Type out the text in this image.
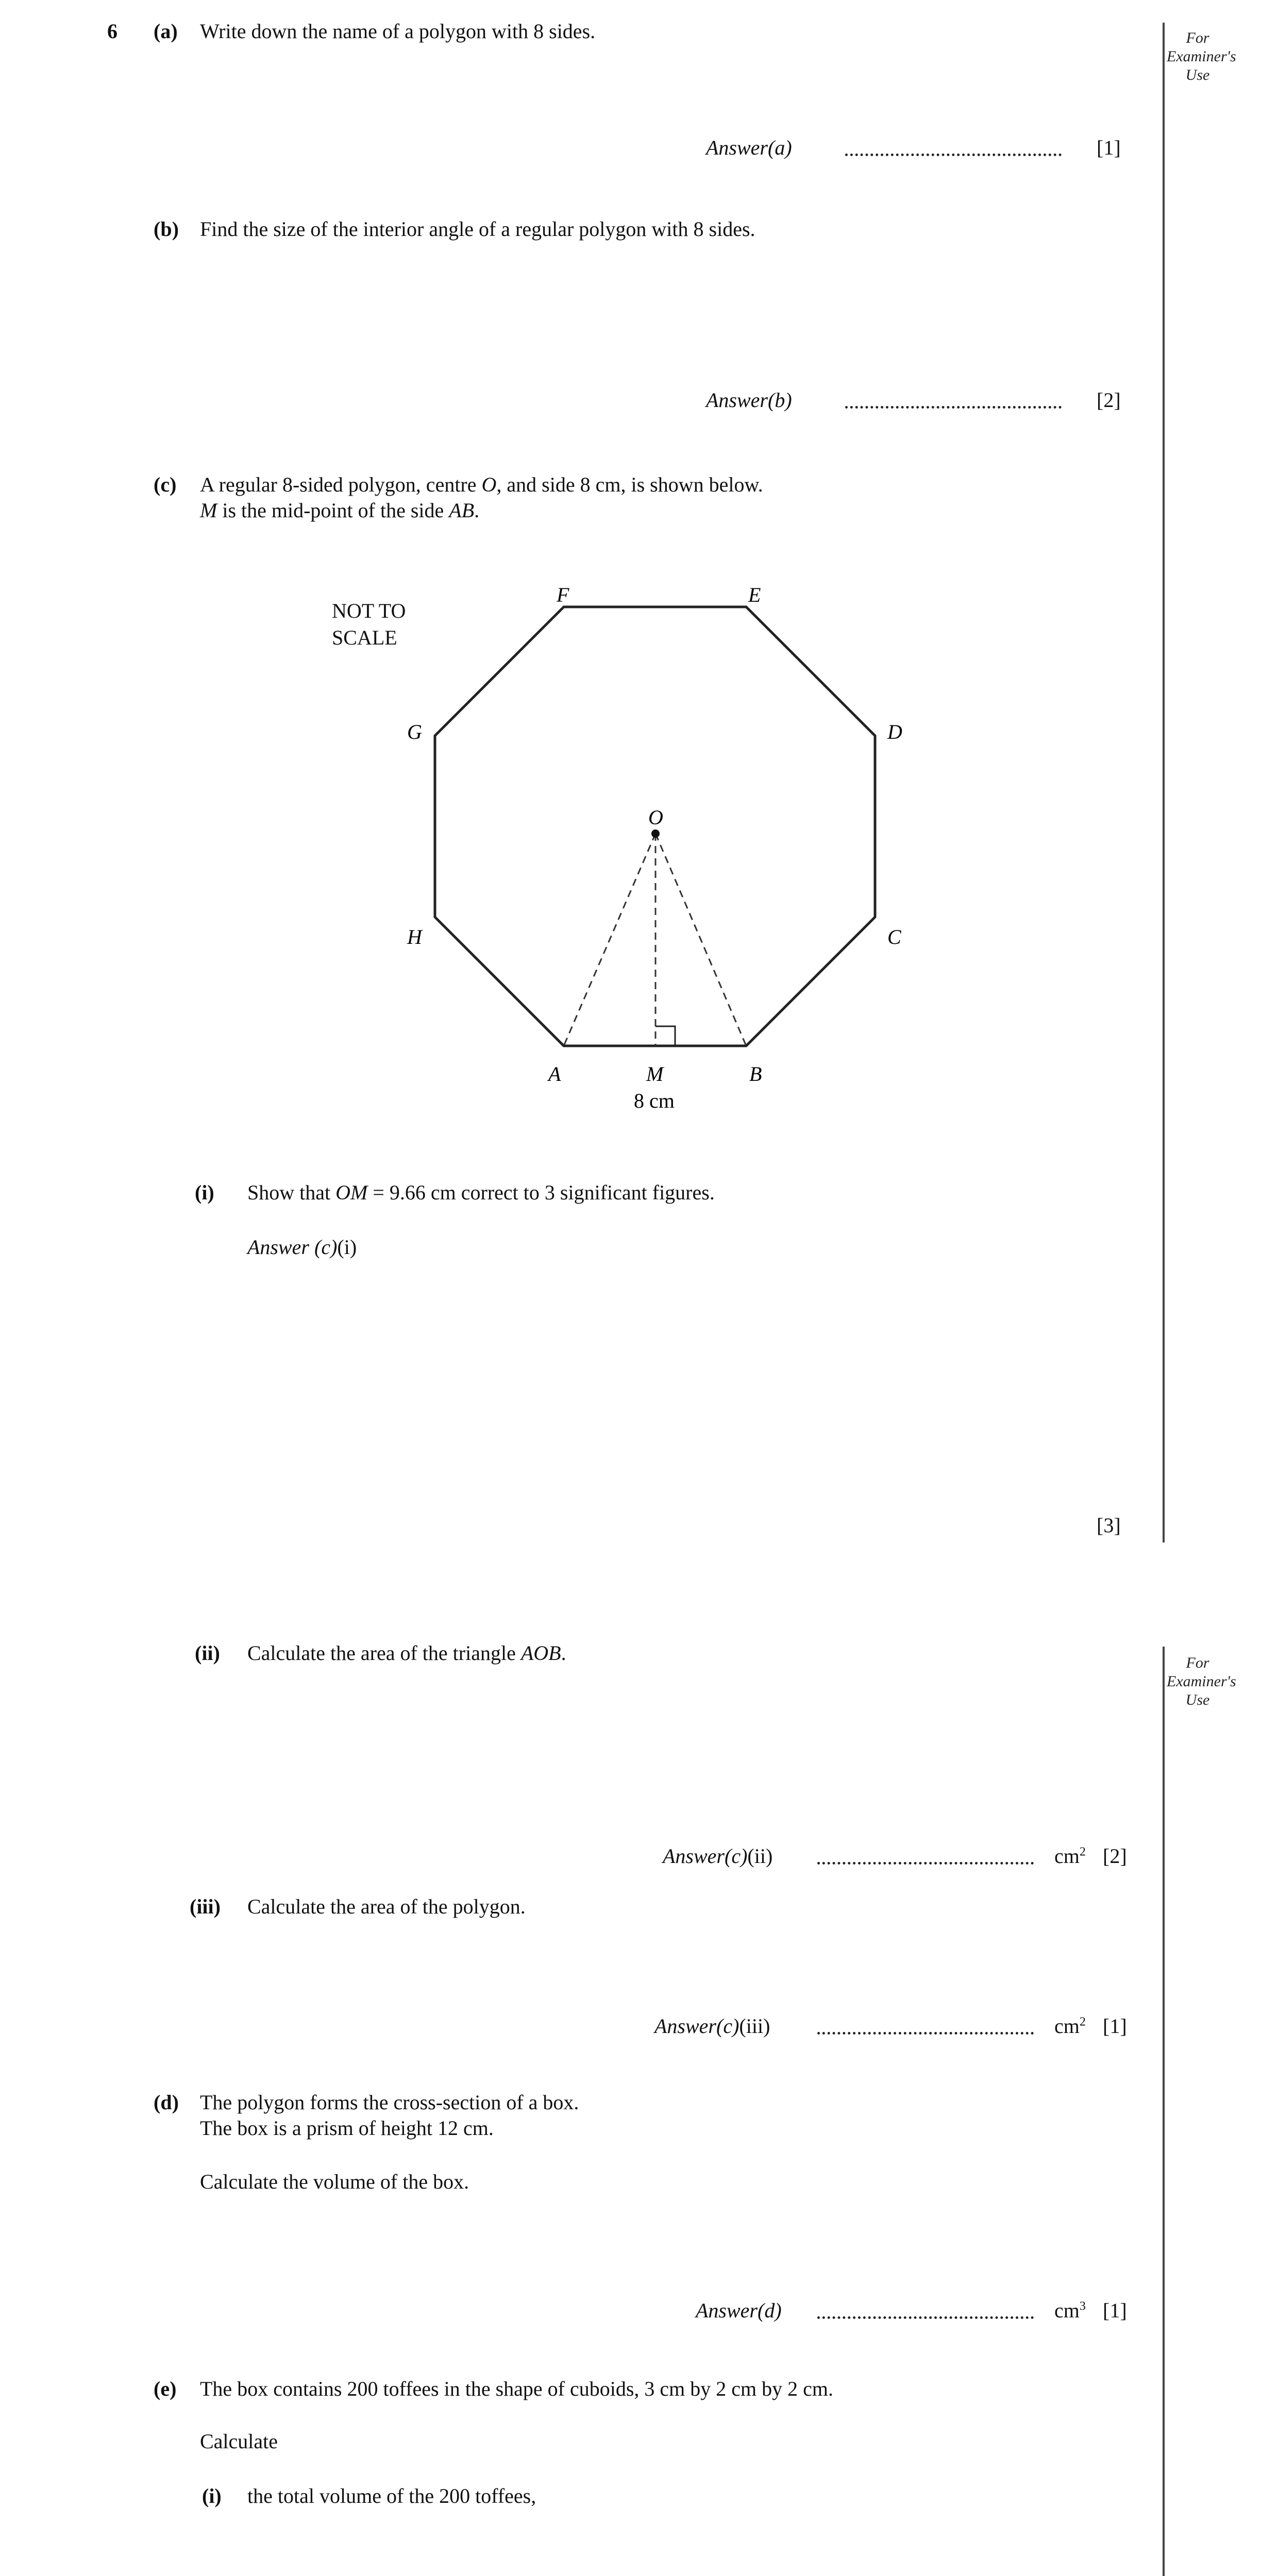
6	For
Examiner's
Use
(a) Write down the name of a polygon with 8 sides.
Answer(a)	[1]
(b) Find the size of the interior angle of a regular polygon with 8 sides.
Answer(b)	[2]
(c) A regular 8-sided polygon, centre O, and side 8 cm, is shown below.
M is the mid-point of the side AB.
NOT TO
SCALE
F	E
G	D
H	C
A	B
O
M
8 cm
(i) Show that OM = 9.66 cm correct to 3 significant figures.
Answer (c)(i)
[3]
For
Examiner's
Use
(ii) Calculate the area of the triangle AOB.
Answer(c)(ii)	$cm^2$ [2]
(iii) Calculate the area of the polygon.
Answer(c)(iii)	$cm^2$ [1]
(d) The polygon forms the cross-section of a box.
The box is a prism of height 12 cm.
Calculate the volume of the box.
Answer(d)	$cm^3$ [1]
(e) The box contains 200 toffees in the shape of cuboids, 3 cm by 2 cm by 2 cm.
Calculate
(i) the total volume of the 200 toffees,
